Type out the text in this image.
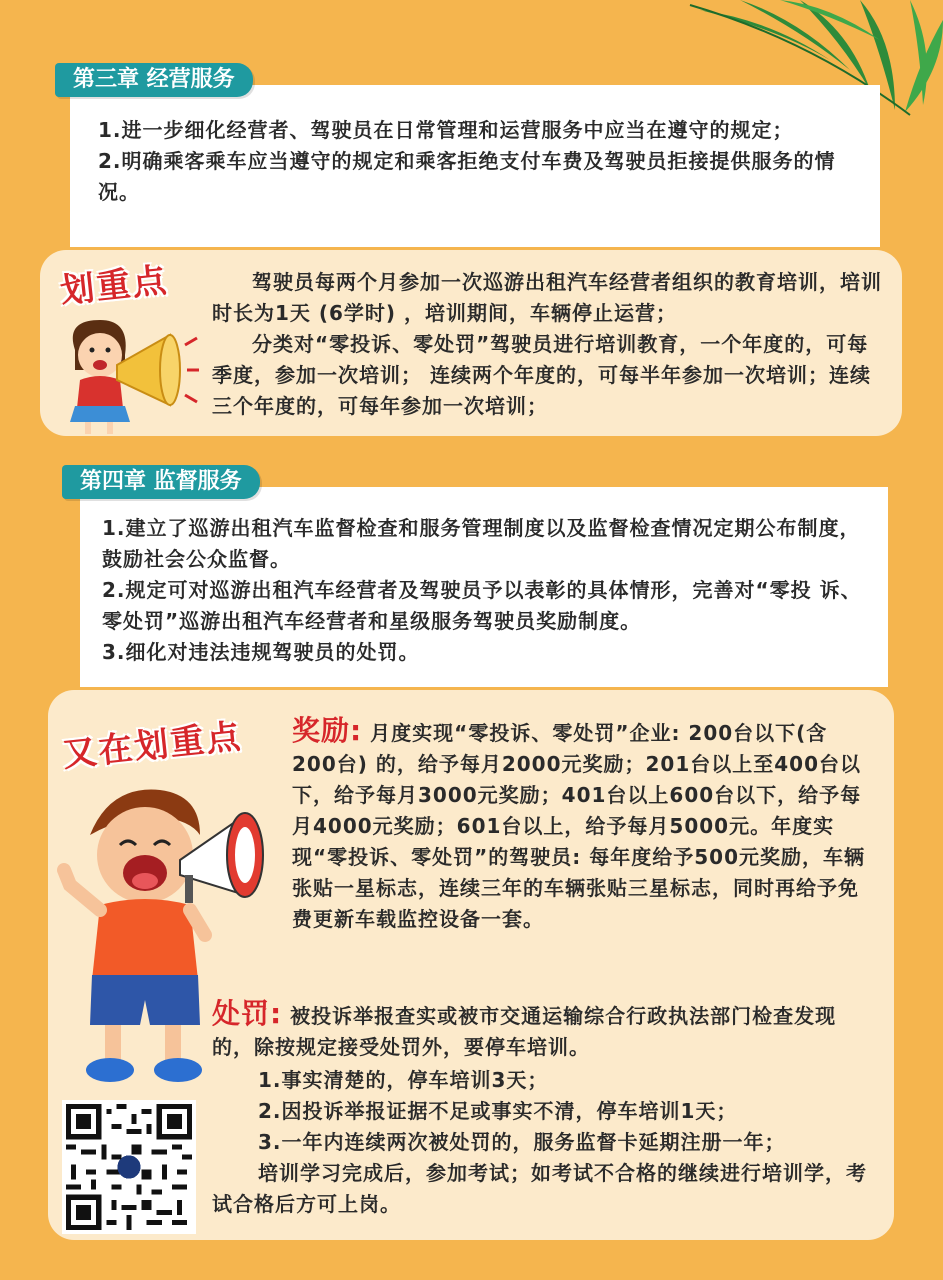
第三章 经营服务
1.进一步细化经营者、驾驶员在日常管理和运营服务中应当在遵守的规定；
2.明确乘客乘车应当遵守的规定和乘客拒绝支付车费及驾驶员拒接提供服务的情况。
划重点	驾驶员每两个月参加一次巡游出租汽车经营者组织的教育培训，培训时长为1天 (6学时) ，培训期间，车辆停止运营；
分类对“零投诉、零处罚”驾驶员进行培训教育，一个年度的，可每季度，参加一次培训； 连续两个年度的，可每半年参加一次培训；连续三个年度的，可每年参加一次培训；
第四章 监督服务
1.建立了巡游出租汽车监督检查和服务管理制度以及监督检查情况定期公布制度，鼓励社会公众监督。
2.规定可对巡游出租汽车经营者及驾驶员予以表彰的具体情形，完善对“零投 诉、零处罚”巡游出租汽车经营者和星级服务驾驶员奖励制度。
3.细化对违法违规驾驶员的处罚。
又在划重点 奖励: 月度实现“零投诉、零处罚”企业: 200台以下(含200台) 的，给予每月2000元奖励；201台以上至400台以下，给予每月3000元奖励；401台以上600台以下，给予每月4000元奖励；601台以上，给予每月5000元。年度实现“零投诉、零处罚”的驾驶员: 每年度给予500元奖励，车辆张贴一星标志，连续三年的车辆张贴三星标志，同时再给予免费更新车载监控设备一套。
处罚: 被投诉举报查实或被市交通运输综合行政执法部门检查发现的，除按规定接受处罚外，要停车培训。
1.事实清楚的，停车培训3天；
2.因投诉举报证据不足或事实不清，停车培训1天；
3.一年内连续两次被处罚的，服务监督卡延期注册一年；
培训学习完成后，参加考试；如考试不合格的继续进行培训学，考试合格后方可上岗。
